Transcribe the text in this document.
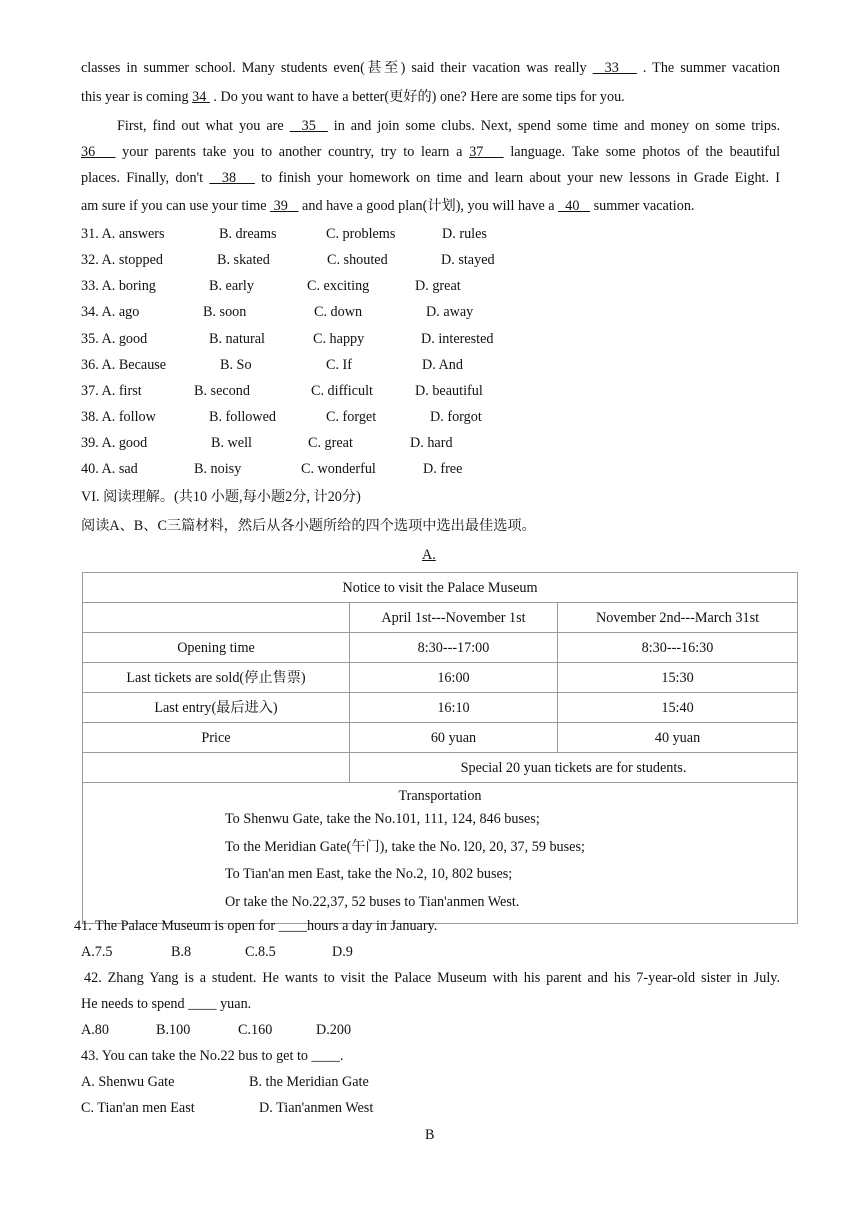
classes in summer school. Many students even(甚至) said their vacation was really   33    . The summer vacation
this year is coming 34  . Do you want to have a better(更好的) one? Here are some tips for you.
First, find out what you are   35   in and join some clubs. Next, spend some time and money on some trips.
36    your parents take you to another country, try to learn a 37    language. Take some photos of the beautiful
places. Finally, don't   38    to finish your homework on time and learn about your new lessons in Grade Eight. I
am sure if you can use your time  39    and have a good plan(计划), you will have a   40    summer vacation.
31. A. answers	B. dreams	C. problems	D. rules
32. A. stopped	B. skated	C. shouted	D. stayed
33. A. boring	B. early	C. exciting	D. great
34. A. ago	B. soon	C. down	D. away
35. A. good	B. natural	C. happy	D. interested
36. A. Because	B. So	C. If	D. And
37. A. first	B. second	C. difficult	D. beautiful
38. A. follow	B. followed	C. forget	D. forgot
39. A. good	B. well	C. great	D. hard
40. A. sad	B. noisy	C. wonderful	D. free
VI. 阅读理解。(共10 小题,每小题2分, 计20分)
阅读A、B、C三篇材料，然后从各小题所给的四个选项中选出最佳选项。
A.
Notice to visit the Palace Museum		
	April 1st---November 1st	November 2nd---March 31st
Opening time	8:30---17:00	8:30---16:30
Last tickets are sold(停止售票)	16:00	15:30
Last entry(最后进入)	16:10	15:40
Price	60 yuan	40 yuan
	Special 20 yuan tickets are for students.	

Transportation
To Shenwu Gate, take the No.101, 111, 124, 846 buses;
To the Meridian Gate(午门), take the No. l20, 20, 37, 59 buses;
To Tian'an men East, take the No.2, 10, 802 buses;
Or take the No.22,37, 52 buses to Tian'anmen West.		
41. The Palace Museum is open for ____hours a day in January.
A.7.5	B.8	C.8.5	D.9
42. Zhang Yang is a student. He wants to visit the Palace Museum with his parent and his 7-year-old sister in July.
He needs to spend ____ yuan.
A.80	B.100	C.160	D.200
43. You can take the No.22 bus to get to ____.
A. Shenwu Gate	B. the Meridian Gate
C. Tian'an men East	D. Tian'anmen West
B
